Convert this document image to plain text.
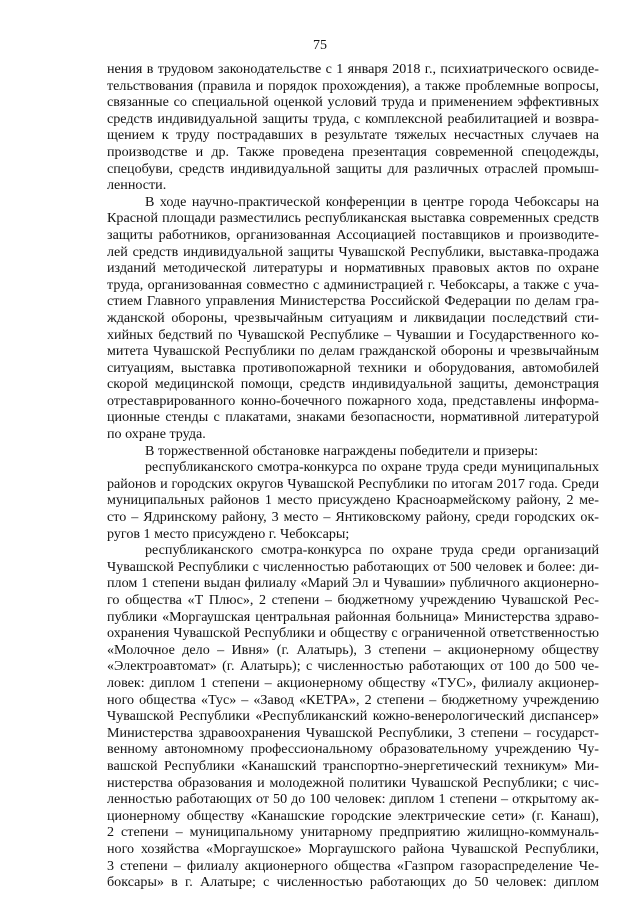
75
нения в трудовом законодательстве с 1 января 2018 г., психиатрического освиде-
тельствования (правила и порядок прохождения), а также проблемные вопросы,
связанные со специальной оценкой условий труда и применением эффективных
средств индивидуальной защиты труда, с комплексной реабилитацией и возвра-
щением к труду пострадавших в результате тяжелых несчастных случаев на
производстве и др. Также проведена презентация современной спецодежды,
спецобуви, средств индивидуальной защиты для различных отраслей промыш-
ленности.
В ходе научно-практической конференции в центре города Чебоксары на
Красной площади разместились республиканская выставка современных средств
защиты работников, организованная Ассоциацией поставщиков и производите-
лей средств индивидуальной защиты Чувашской Республики, выставка-продажа
изданий методической литературы и нормативных правовых актов по охране
труда, организованная совместно с администрацией г. Чебоксары, а также с уча-
стием Главного управления Министерства Российской Федерации по делам гра-
жданской обороны, чрезвычайным ситуациям и ликвидации последствий сти-
хийных бедствий по Чувашской Республике – Чувашии и Государственного ко-
митета Чувашской Республики по делам гражданской обороны и чрезвычайным
ситуациям, выставка противопожарной техники и оборудования, автомобилей
скорой медицинской помощи, средств индивидуальной защиты, демонстрация
отреставрированного конно-бочечного пожарного хода, представлены информа-
ционные стенды с плакатами, знаками безопасности, нормативной литературой
по охране труда.
В торжественной обстановке награждены победители и призеры:
республиканского смотра-конкурса по охране труда среди муниципальных
районов и городских округов Чувашской Республики по итогам 2017 года. Среди
муниципальных районов 1 место присуждено Красноармейскому району, 2 ме-
сто – Ядринскому району, 3 место – Янтиковскому району, среди городских ок-
ругов 1 место присуждено г. Чебоксары;
республиканского смотра-конкурса по охране труда среди организаций
Чувашской Республики с численностью работающих от 500 человек и более: ди-
плом 1 степени выдан филиалу «Марий Эл и Чувашии» публичного акционерно-
го общества «Т Плюс», 2 степени – бюджетному учреждению Чувашской Рес-
публики «Моргаушская центральная районная больница» Министерства здраво-
охранения Чувашской Республики и обществу с ограниченной ответственностью
«Молочное дело – Ивня» (г. Алатырь), 3 степени – акционерному обществу
«Электроавтомат» (г. Алатырь); с численностью работающих от 100 до 500 че-
ловек: диплом 1 степени – акционерному обществу «ТУС», филиалу акционер-
ного общества «Тус» – «Завод «КЕТРА», 2 степени – бюджетному учреждению
Чувашской Республики «Республиканский кожно-венерологический диспансер»
Министерства здравоохранения Чувашской Республики, 3 степени – государст-
венному автономному профессиональному образовательному учреждению Чу-
вашской Республики «Канашский транспортно-энергетический техникум» Ми-
нистерства образования и молодежной политики Чувашской Республики; с чис-
ленностью работающих от 50 до 100 человек: диплом 1 степени – открытому ак-
ционерному обществу «Канашские городские электрические сети» (г. Канаш),
2 степени – муниципальному унитарному предприятию жилищно-коммуналь-
ного хозяйства «Моргаушское» Моргаушского района Чувашской Республики,
3 степени – филиалу акционерного общества «Газпром газораспределение Че-
боксары» в г. Алатыре; с численностью работающих до 50 человек: диплом
